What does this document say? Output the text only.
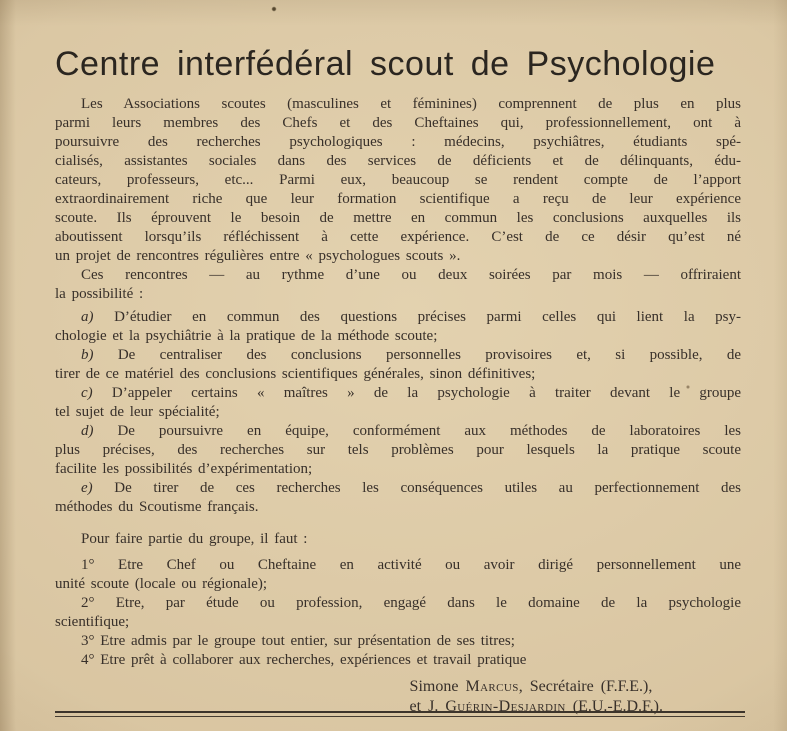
Centre interfédéral scout de Psychologie
Les Associations scoutes (masculines et féminines) comprennent de plus en plus
parmi leurs membres des Chefs et des Cheftaines qui, professionnellement, ont à
poursuivre des recherches psychologiques : médecins, psychiâtres, étudiants spé-
cialisés, assistantes sociales dans des services de déficients et de délinquants, édu-
cateurs, professeurs, etc... Parmi eux, beaucoup se rendent compte de l’apport
extraordinairement riche que leur formation scientifique a reçu de leur expérience
scoute. Ils éprouvent le besoin de mettre en commun les conclusions auxquelles ils
aboutissent lorsqu’ils réfléchissent à cette expérience. C’est de ce désir qu’est né
un projet de rencontres régulières entre « psychologues scouts ».
Ces rencontres — au rythme d’une ou deux soirées par mois — offriraient
la possibilité :
a) D’étudier en commun des questions précises parmi celles qui lient la psy-
chologie et la psychiâtrie à la pratique de la méthode scoute;
b) De centraliser des conclusions personnelles provisoires et, si possible, de
tirer de ce matériel des conclusions scientifiques générales, sinon définitives;
c) D’appeler certains « maîtres » de la psychologie à traiter devant le groupe
tel sujet de leur spécialité;
d) De poursuivre en équipe, conformément aux méthodes de laboratoires les
plus précises, des recherches sur tels problèmes pour lesquels la pratique scoute
facilite les possibilités d’expérimentation;
e) De tirer de ces recherches les conséquences utiles au perfectionnement des
méthodes du Scoutisme français.
Pour faire partie du groupe, il faut :
1° Etre Chef ou Cheftaine en activité ou avoir dirigé personnellement une
unité scoute (locale ou régionale);
2° Etre, par étude ou profession, engagé dans le domaine de la psychologie
scientifique;
3° Etre admis par le groupe tout entier, sur présentation de ses titres;
4° Etre prêt à collaborer aux recherches, expériences et travail pratique
Simone Marcus, Secrétaire (F.F.E.),
et J. Guérin-Desjardin (E.U.-E.D.F.).
